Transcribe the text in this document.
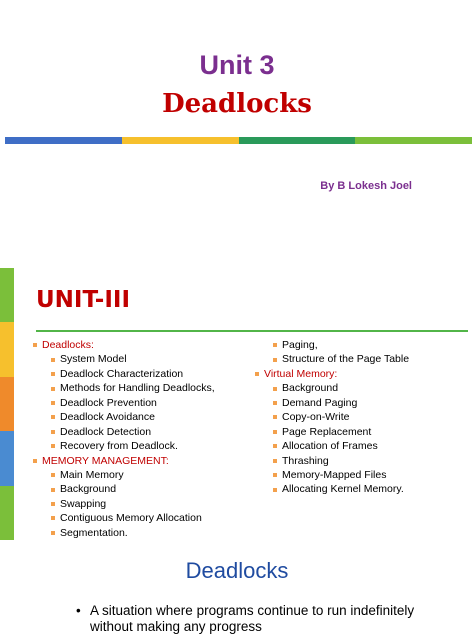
Unit 3
Deadlocks
By B Lokesh Joel
UNIT-III
Deadlocks:
System Model
Deadlock Characterization
Methods for Handling Deadlocks,
Deadlock Prevention
Deadlock Avoidance
Deadlock Detection
Recovery from Deadlock.
MEMORY MANAGEMENT:
Main Memory
Background
Swapping
Contiguous Memory Allocation
Segmentation.
Paging,
Structure of the Page Table
Virtual Memory:
Background
Demand Paging
Copy-on-Write
Page Replacement
Allocation of Frames
Thrashing
Memory-Mapped Files
Allocating Kernel Memory.
Deadlocks
• A situation where programs continue to run indefinitely without making any progress
